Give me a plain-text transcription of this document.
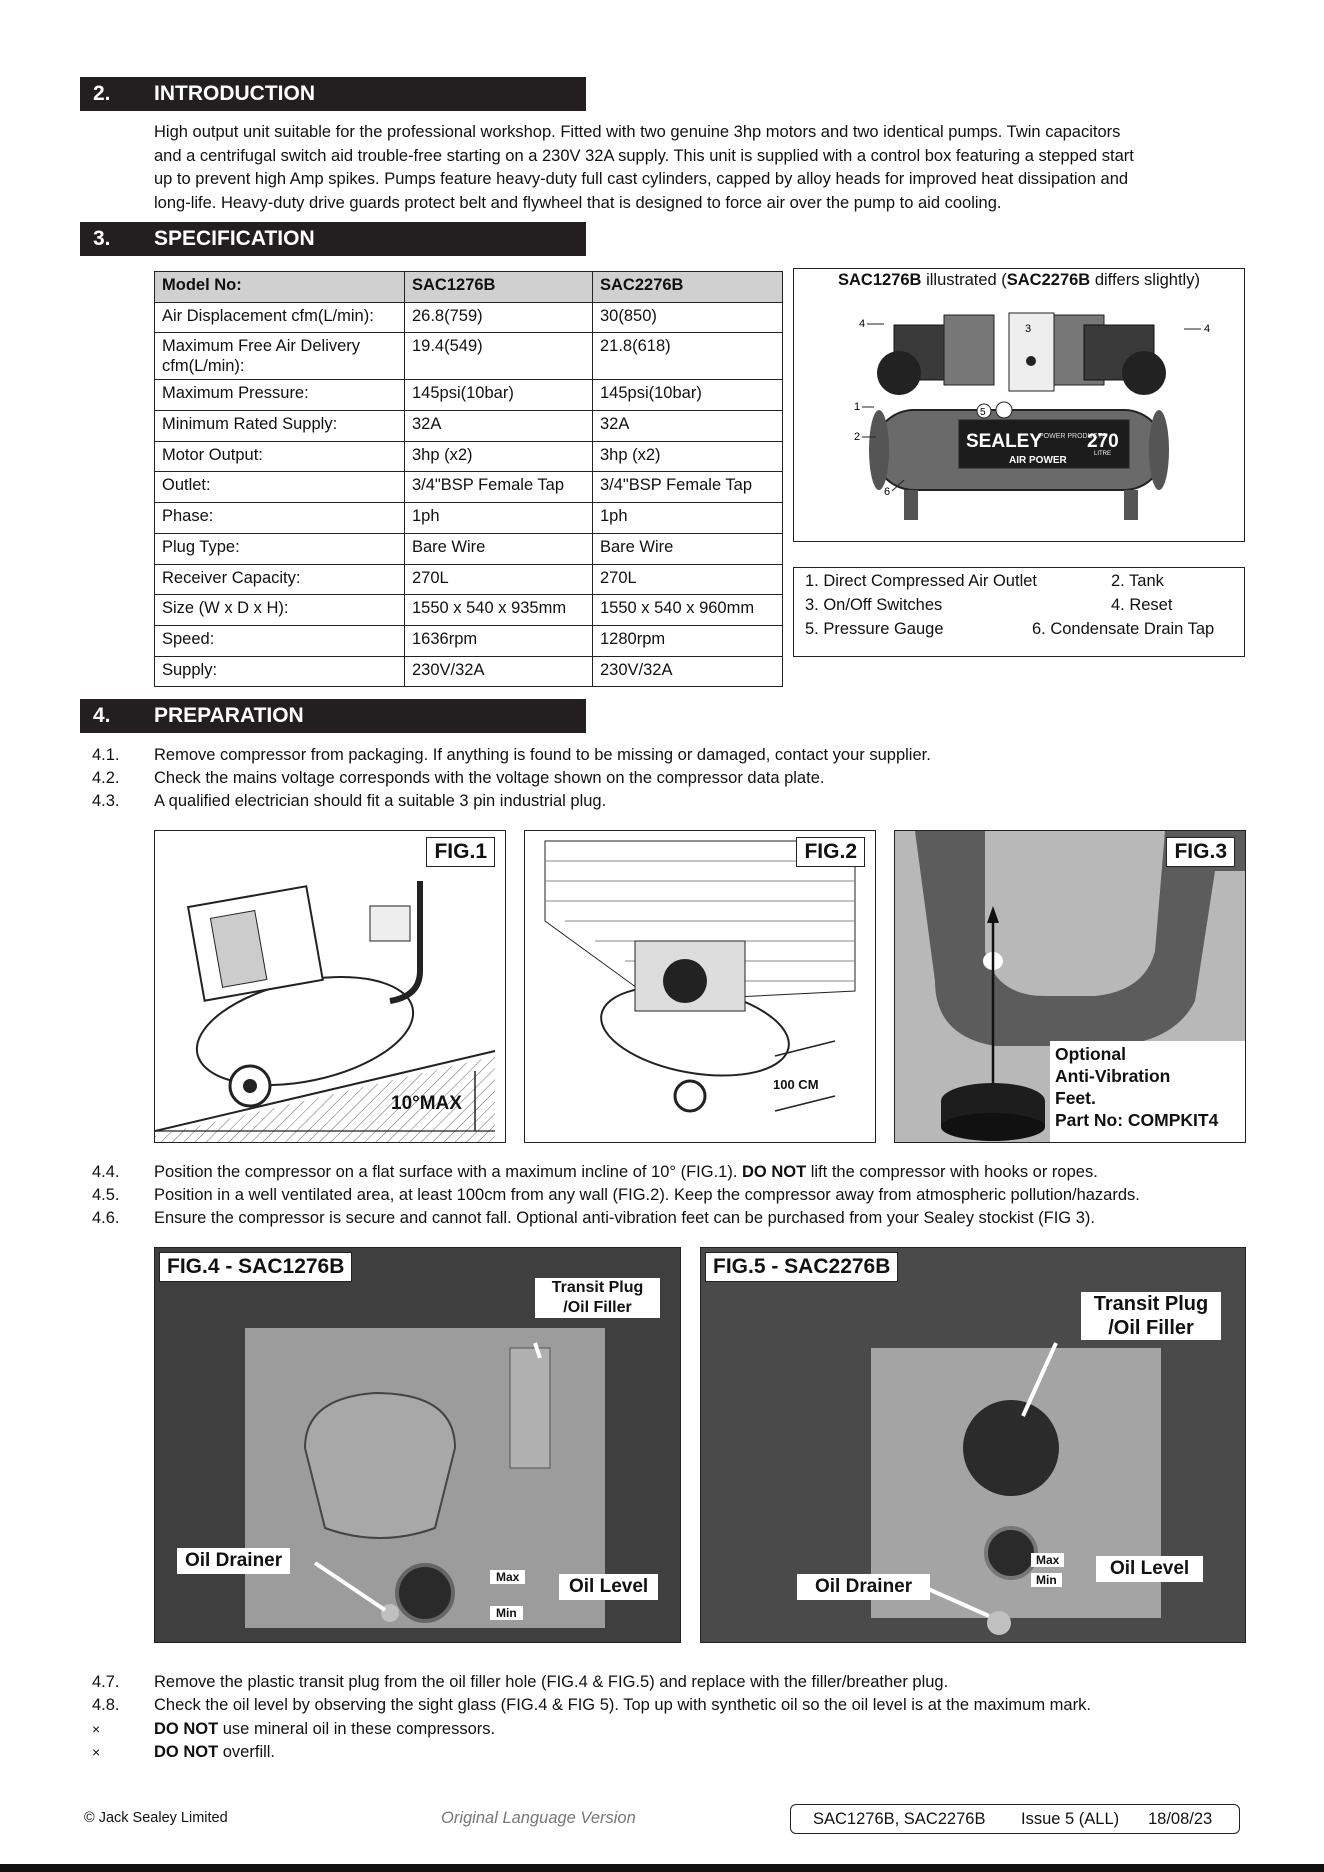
2. INTRODUCTION
High output unit suitable for the professional workshop. Fitted with two genuine 3hp motors and two identical pumps. Twin capacitors
and a centrifugal switch aid trouble-free starting on a 230V 32A supply. This unit is supplied with a control box featuring a stepped start
up to prevent high Amp spikes. Pumps feature heavy-duty full cast cylinders, capped by alloy heads for improved heat dissipation and
long-life. Heavy-duty drive guards protect belt and flywheel that is designed to force air over the pump to aid cooling.
3. SPECIFICATION
Model No:	SAC1276B	SAC2276B
Air Displacement cfm(L/min):	26.8(759)	30(850)
Maximum Free Air Delivery cfm(L/min):	19.4(549)	21.8(618)
Maximum Pressure:	145psi(10bar)	145psi(10bar)
Minimum Rated Supply:	32A	32A
Motor Output:	3hp (x2)	3hp (x2)
Outlet:	3/4"BSP Female Tap	3/4"BSP Female Tap
Phase:	1ph	1ph
Plug Type:	Bare Wire	Bare Wire
Receiver Capacity:	270L	270L
Size (W x D x H):	1550 x 540 x 935mm	1550 x 540 x 960mm
Speed:	1636rpm	1280rpm
Supply:	230V/32A	230V/32A
SAC1276B illustrated (SAC2276B differs slightly)
SEALEY
POWER PRODUCTS
270
LITRE
AIR POWER
1
2
3
4	4
5
6
1. Direct Compressed Air Outlet	2. Tank
3. On/Off Switches	4. Reset
5. Pressure Gauge	6. Condensate Drain Tap
4. PREPARATION
4.1.	Remove compressor from packaging. If anything is found to be missing or damaged, contact your supplier.
4.2.	Check the mains voltage corresponds with the voltage shown on the compressor data plate.
4.3.	A qualified electrician should fit a suitable 3 pin industrial plug.
FIG.1
10°MAX
FIG.2
100 CM
FIG.3
Optional
Anti-Vibration
Feet.
Part No: COMPKIT4
4.4.	Position the compressor on a flat surface with a maximum incline of 10° (FIG.1). DO NOT lift the compressor with hooks or ropes.
4.5.	Position in a well ventilated area, at least 100cm from any wall (FIG.2). Keep the compressor away from atmospheric pollution/hazards.
4.6.	Ensure the compressor is secure and cannot fall. Optional anti-vibration feet can be purchased from your Sealey stockist (FIG 3).
FIG.4 - SAC1276B
Transit Plug
/Oil Filler
Oil Drainer
Oil Level
Max
Min
FIG.5 - SAC2276B
Transit Plug
/Oil Filler
Oil Drainer
Oil Level
Max
Min
4.7.	Remove the plastic transit plug from the oil filler hole (FIG.4 & FIG.5) and replace with the filler/breather plug.
4.8.	Check the oil level by observing the sight glass (FIG.4 & FIG 5). Top up with synthetic oil so the oil level is at the maximum mark.
×	DO NOT use mineral oil in these compressors.
×	DO NOT overfill.
© Jack Sealey Limited	Original Language Version	SAC1276B, SAC2276B Issue 5 (ALL) 18/08/23
